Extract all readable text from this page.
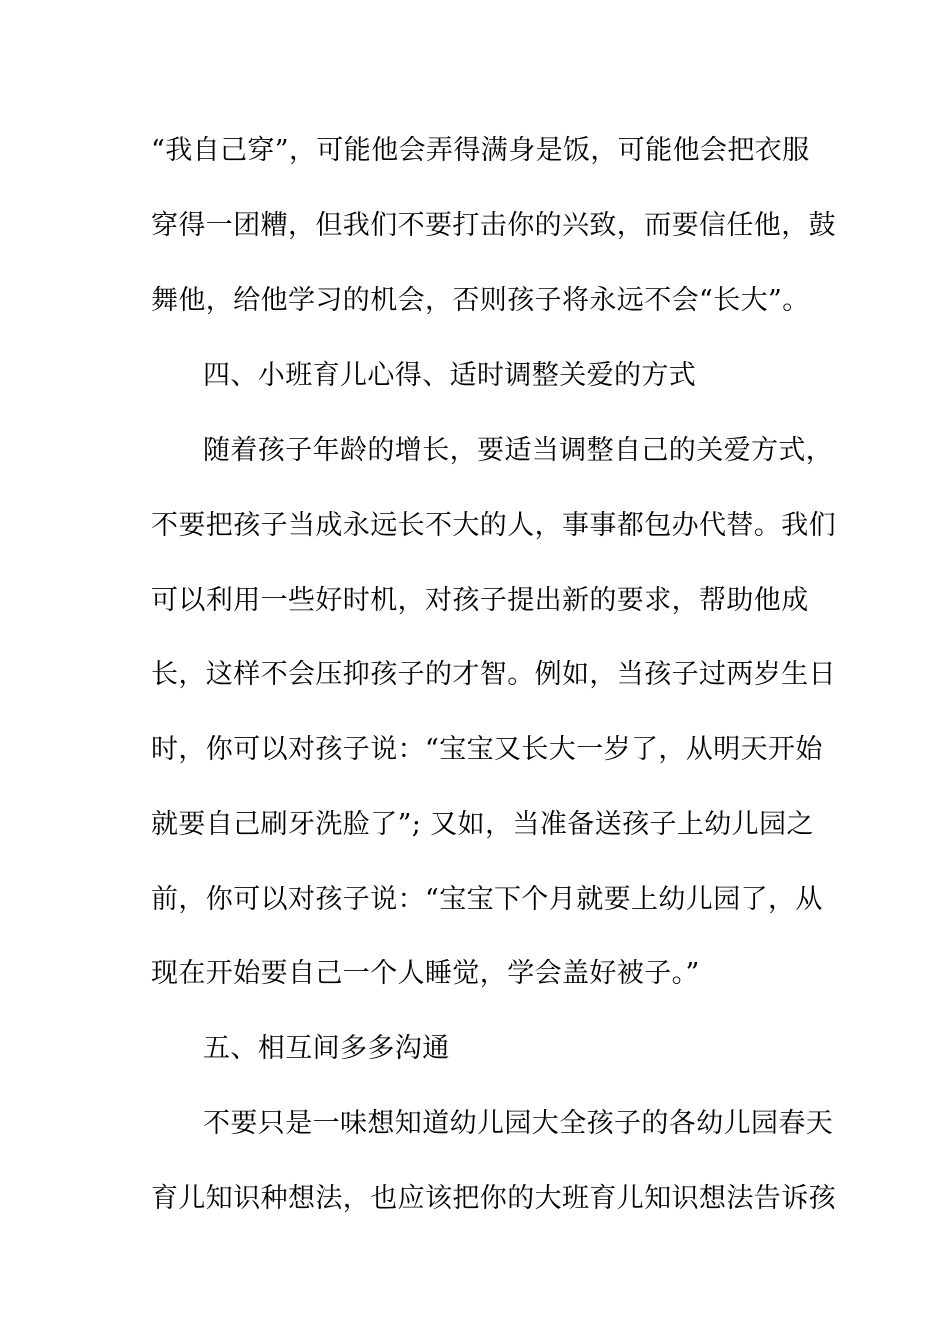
“我自己穿”，可能他会弄得满身是饭，可能他会把衣服
穿得一团糟，但我们不要打击你的兴致，而要信任他，鼓
舞他，给他学习的机会，否则孩子将永远不会“长大”。
四、小班育儿心得、适时调整关爱的方式
随着孩子年龄的增长，要适当调整自己的关爱方式，
不要把孩子当成永远长不大的人，事事都包办代替。我们
可以利用一些好时机，对孩子提出新的要求，帮助他成
长，这样不会压抑孩子的才智。例如，当孩子过两岁生日
时，你可以对孩子说：“宝宝又长大一岁了，从明天开始
就要自己刷牙洗脸了”; 又如，当准备送孩子上幼儿园之
前，你可以对孩子说：“宝宝下个月就要上幼儿园了，从
现在开始要自己一个人睡觉，学会盖好被子。”
五、相互间多多沟通
不要只是一味想知道幼儿园大全孩子的各幼儿园春天
育儿知识种想法，也应该把你的大班育儿知识想法告诉孩
